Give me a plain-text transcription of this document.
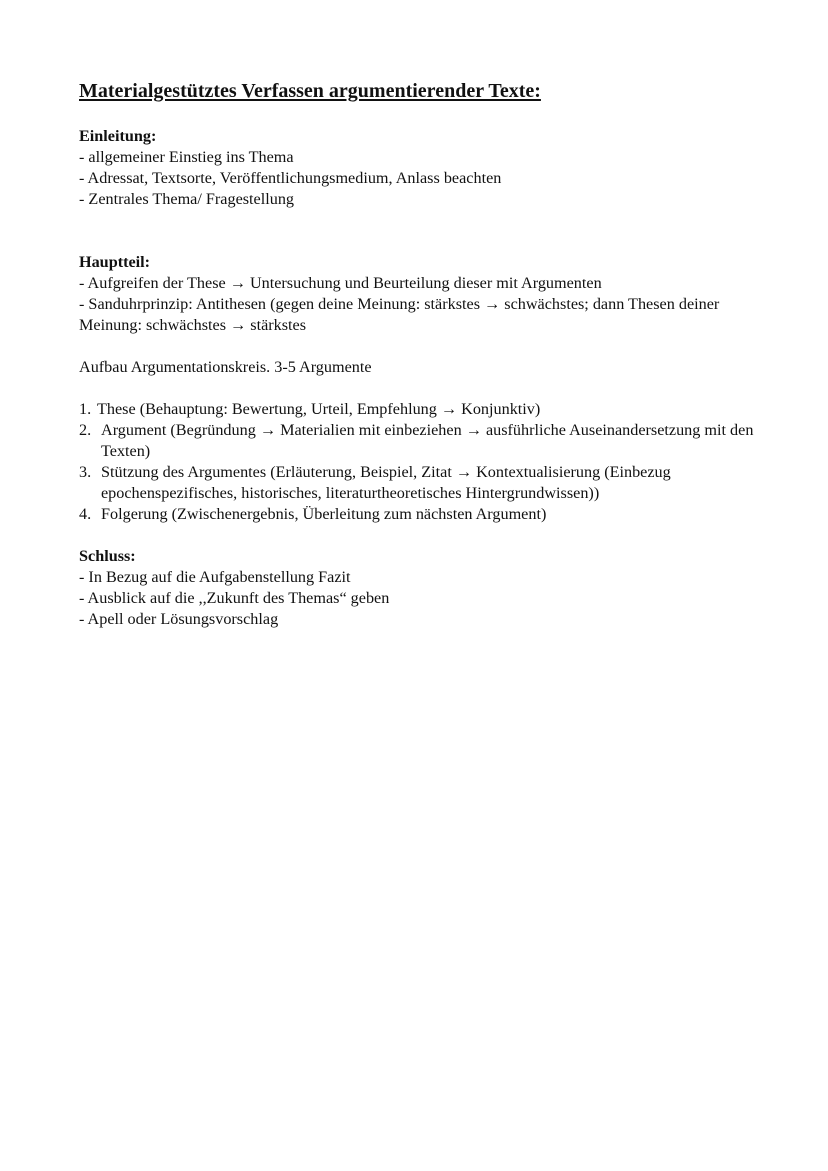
Materialgestütztes Verfassen argumentierender Texte:

Einleitung:

- allgemeiner Einstieg ins Thema

- Adressat, Textsorte, Veröffentlichungsmedium, Anlass beachten

- Zentrales Thema/ Fragestellung

Hauptteil:

- Aufgreifen der These → Untersuchung und Beurteilung dieser mit Argumenten

- Sanduhrprinzip: Antithesen (gegen deine Meinung: stärkstes → schwächstes; dann Thesen deiner Meinung: schwächstes → stärkstes

Aufbau Argumentationskreis. 3-5 Argumente

1. These (Behauptung: Bewertung, Urteil, Empfehlung → Konjunktiv)
2. Argument (Begründung → Materialien mit einbeziehen → ausführliche Auseinandersetzung mit den Texten)
3. Stützung des Argumentes (Erläuterung, Beispiel, Zitat → Kontextualisierung (Einbezug epochenspezifisches, historisches, literaturtheoretisches Hintergrundwissen))
4. Folgerung (Zwischenergebnis, Überleitung zum nächsten Argument)

Schluss:

- In Bezug auf die Aufgabenstellung Fazit

- Ausblick auf die ,,Zukunft des Themas“ geben

- Apell oder Lösungsvorschlag
